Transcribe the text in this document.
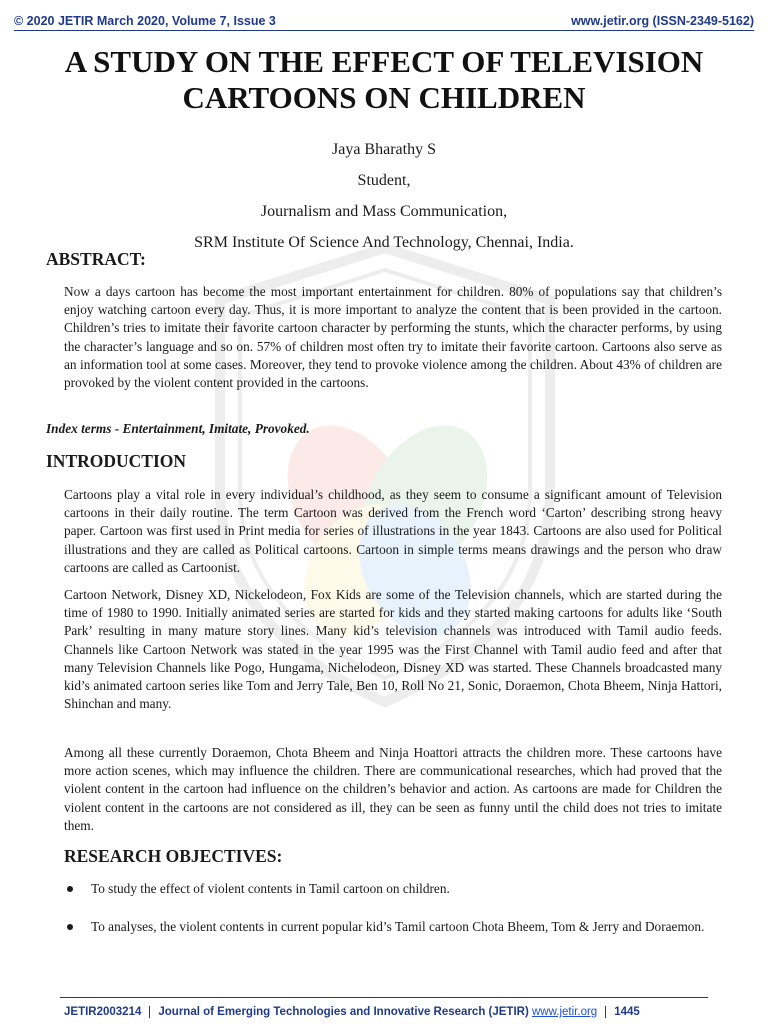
© 2020 JETIR March 2020, Volume 7, Issue 3	www.jetir.org (ISSN-2349-5162)
A STUDY ON THE EFFECT OF TELEVISION
CARTOONS ON CHILDREN
Jaya Bharathy S
Student,
Journalism and Mass Communication,
SRM Institute Of Science And Technology, Chennai, India.
ABSTRACT:

Now a days cartoon has become the most important entertainment for children. 80% of populations say that children’s enjoy watching cartoon every day. Thus, it is more important to analyze the content that is been provided in the cartoon. Children’s tries to imitate their favorite cartoon character by performing the stunts, which the character performs, by using the character’s language and so on. 57% of children most often try to imitate their favorite cartoon. Cartoons also serve as an information tool at some cases. Moreover, they tend to provoke violence among the children. About 43% of children are provoked by the violent content provided in the cartoons.

Index terms - Entertainment, Imitate, Provoked.
INTRODUCTION

Cartoons play a vital role in every individual’s childhood, as they seem to consume a significant amount of Television cartoons in their daily routine. The term Cartoon was derived from the French word ‘Carton’ describing strong heavy paper. Cartoon was first used in Print media for series of illustrations in the year 1843. Cartoons are also used for Political illustrations and they are called as Political cartoons. Cartoon in simple terms means drawings and the person who draw cartoons are called as Cartoonist.

Cartoon Network, Disney XD, Nickelodeon, Fox Kids are some of the Television channels, which are started during the time of 1980 to 1990. Initially animated series are started for kids and they started making cartoons for adults like ‘South Park’ resulting in many mature story lines. Many kid’s television channels was introduced with Tamil audio feeds. Channels like Cartoon Network was stated in the year 1995 was the First Channel with Tamil audio feed and after that many Television Channels like Pogo, Hungama, Nichelodeon, Disney XD was started. These Channels broadcasted many kid’s animated cartoon series like Tom and Jerry Tale, Ben 10, Roll No 21, Sonic, Doraemon, Chota Bheem, Ninja Hattori, Shinchan and many.

Among all these currently Doraemon, Chota Bheem and Ninja Hoattori attracts the children more. These cartoons have more action scenes, which may influence the children. There are communicational researches, which had proved that the violent content in the cartoon had influence on the children’s behavior and action. As cartoons are made for Children the violent content in the cartoons are not considered as ill, they can be seen as funny until the child does not tries to imitate them.

RESEARCH OBJECTIVES:
To study the effect of violent contents in Tamil cartoon on children.
To analyses, the violent contents in current popular kid’s Tamil cartoon Chota Bheem, Tom & Jerry and Doraemon.
JETIR2003214	Journal of Emerging Technologies and Innovative Research (JETIR) www.jetir.org	1445
